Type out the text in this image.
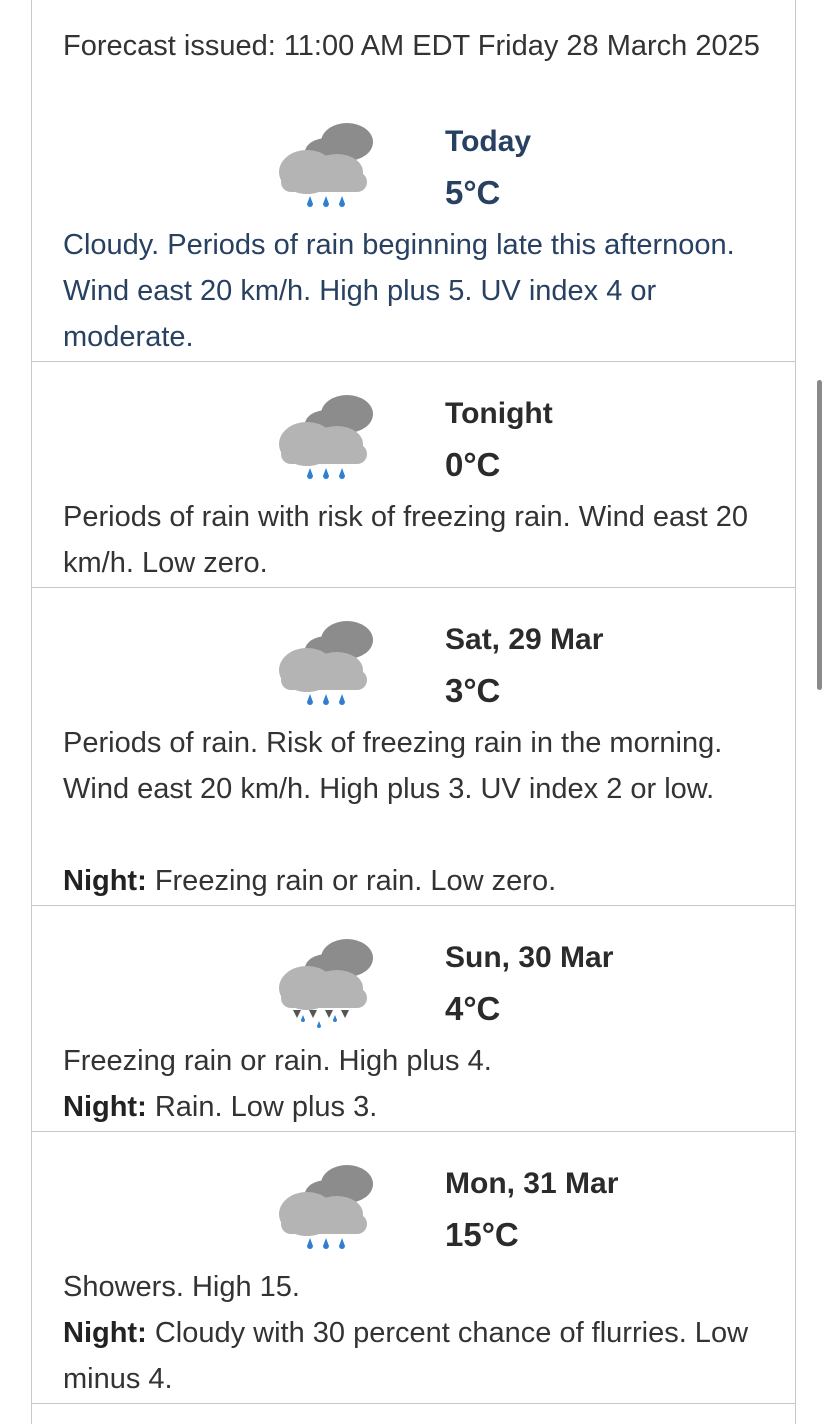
Forecast issued: 11:00 AM EDT Friday 28 March 2025
Today
5°C
Cloudy. Periods of rain beginning late this afternoon. Wind east 20 km/h. High plus 5. UV index 4 or moderate.
Tonight
0°C
Periods of rain with risk of freezing rain. Wind east 20 km/h. Low zero.
Sat, 29 Mar
3°C
Periods of rain. Risk of freezing rain in the morning. Wind east 20 km/h. High plus 3. UV index 2 or low.
Night: Freezing rain or rain. Low zero.
Sun, 30 Mar
4°C
Freezing rain or rain. High plus 4.
Night: Rain. Low plus 3.
Mon, 31 Mar
15°C
Showers. High 15.
Night: Cloudy with 30 percent chance of flurries. Low minus 4.
